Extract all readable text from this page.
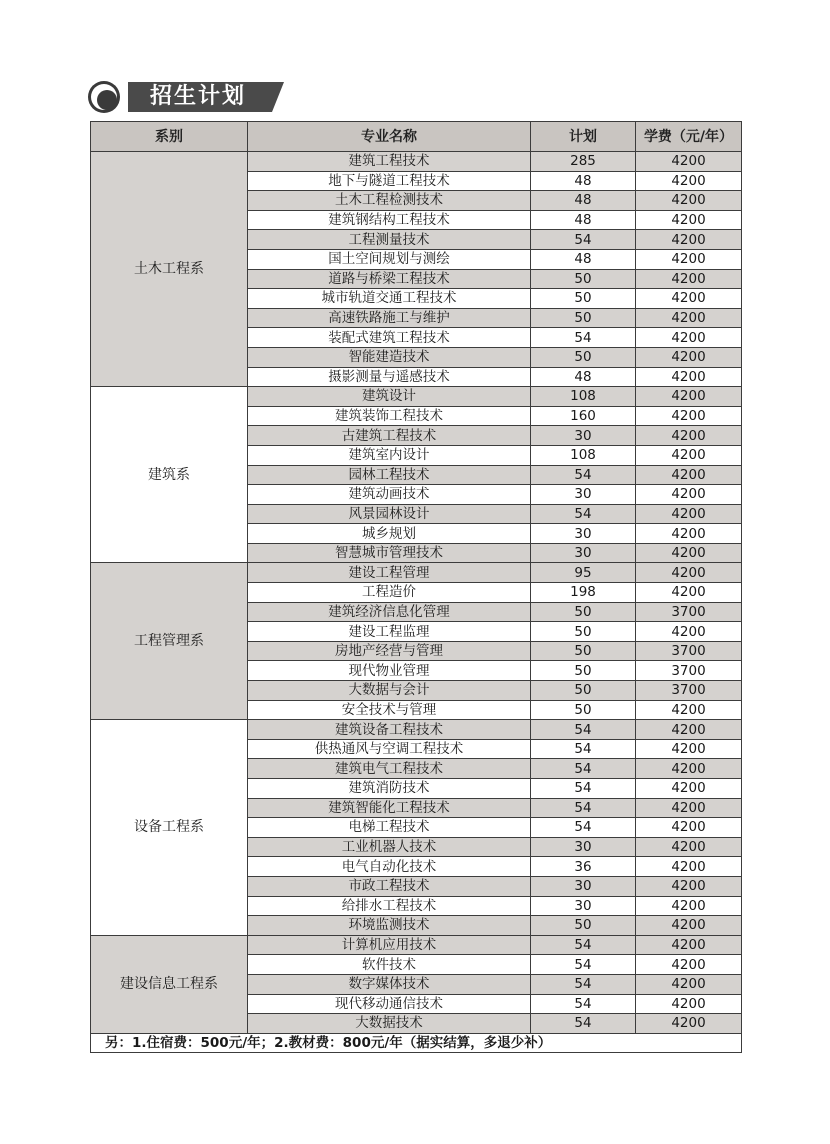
招生计划
系别	专业名称	计划	学费（元/年）
土木工程系	建筑工程技术	285	4200
	地下与隧道工程技术	48	4200
	土木工程检测技术	48	4200
	建筑钢结构工程技术	48	4200
	工程测量技术	54	4200
	国土空间规划与测绘	48	4200
	道路与桥梁工程技术	50	4200
	城市轨道交通工程技术	50	4200
	高速铁路施工与维护	50	4200
	装配式建筑工程技术	54	4200
	智能建造技术	50	4200
	摄影测量与遥感技术	48	4200
建筑系	建筑设计	108	4200
	建筑装饰工程技术	160	4200
	古建筑工程技术	30	4200
	建筑室内设计	108	4200
	园林工程技术	54	4200
	建筑动画技术	30	4200
	风景园林设计	54	4200
	城乡规划	30	4200
	智慧城市管理技术	30	4200
工程管理系	建设工程管理	95	4200
	工程造价	198	4200
	建筑经济信息化管理	50	3700
	建设工程监理	50	4200
	房地产经营与管理	50	3700
	现代物业管理	50	3700
	大数据与会计	50	3700
	安全技术与管理	50	4200
设备工程系	建筑设备工程技术	54	4200
	供热通风与空调工程技术	54	4200
	建筑电气工程技术	54	4200
	建筑消防技术	54	4200
	建筑智能化工程技术	54	4200
	电梯工程技术	54	4200
	工业机器人技术	30	4200
	电气自动化技术	36	4200
	市政工程技术	30	4200
	给排水工程技术	30	4200
	环境监测技术	50	4200
建设信息工程系	计算机应用技术	54	4200
	软件技术	54	4200
	数字媒体技术	54	4200
	现代移动通信技术	54	4200
	大数据技术	54	4200
另：1.住宿费：500元/年；2.教材费：800元/年（据实结算，多退少补）			
